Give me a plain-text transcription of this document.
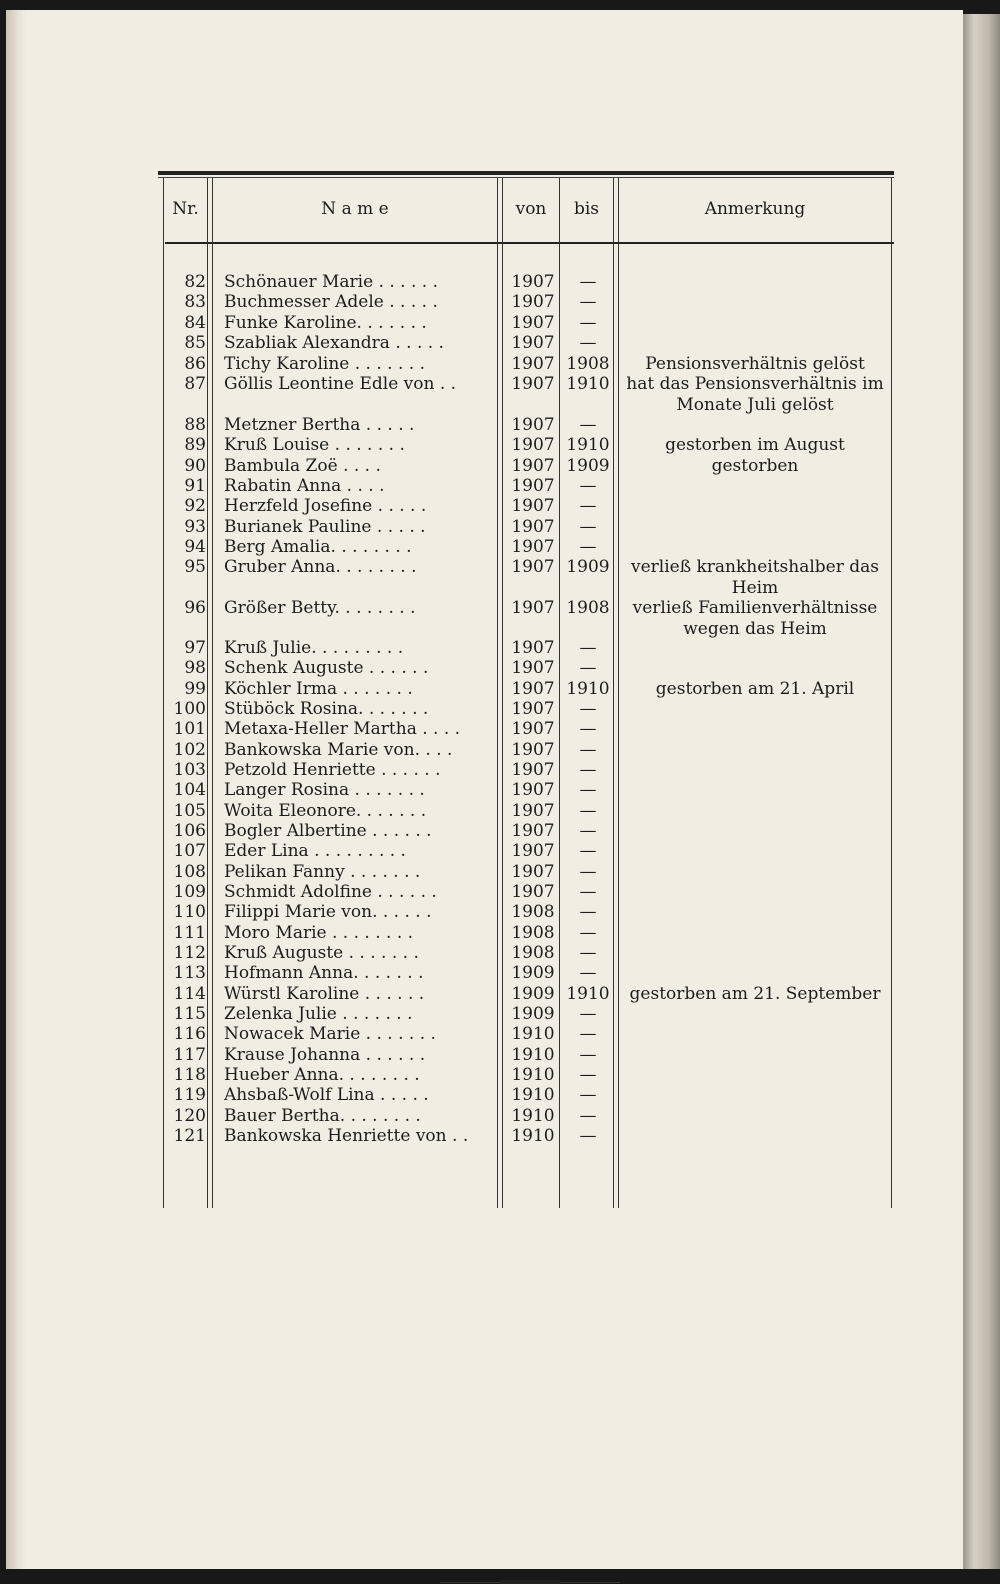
Nr.	N a m e	von	bis	Anmerkung
82 Schönauer Marie . . . . . .	1907	—
83 Buchmesser Adele . . . . .	1907	—
84 Funke Karoline. . . . . . .	1907	—
85 Szabliak Alexandra . . . . .	1907	—
86 Tichy Karoline . . . . . . .	1907 1908	Pensionsverhältnis gelöst
87 Göllis Leontine Edle von . .	1907 1910 hat das Pensionsverhältnis im Monate Juli gelöst
88 Metzner Bertha . . . . .	1907	—
89 Kruß Louise . . . . . . .	1907 1910	gestorben im August
90 Bambula Zoë . . . .	1907 1909	gestorben
91 Rabatin Anna . . . .	1907	—
92 Herzfeld Josefine . . . . .	1907	—
93 Burianek Pauline . . . . .	1907	—
94 Berg Amalia. . . . . . . .	1907	—
95 Gruber Anna. . . . . . . .	1907 1909	verließ krankheitshalber das Heim
96 Größer Betty. . . . . . . .	1907 1908	verließ Familienverhältnisse wegen das Heim
97 Kruß Julie. . . . . . . . .	1907	—
98 Schenk Auguste . . . . . .	1907	—
99 Köchler Irma . . . . . . .	1907 1910	gestorben am 21. April
100 Stüböck Rosina. . . . . . .	1907	—
101 Metaxa-Heller Martha . . . .	1907	—
102 Bankowska Marie von. . . .	1907	—
103 Petzold Henriette . . . . . .	1907	—
104 Langer Rosina . . . . . . .	1907	—
105 Woita Eleonore. . . . . . .	1907	—
106 Bogler Albertine . . . . . .	1907	—
107 Eder Lina . . . . . . . . .	1907	—
108 Pelikan Fanny . . . . . . .	1907	—
109 Schmidt Adolfine . . . . . .	1907	—
110 Filippi Marie von. . . . . .	1908	—
111 Moro Marie . . . . . . . .	1908	—
112 Kruß Auguste . . . . . . .	1908	—
113 Hofmann Anna. . . . . . .	1909	—
114 Würstl Karoline . . . . . .	1909 1910	gestorben am 21. September
115 Zelenka Julie . . . . . . .	1909	—
116 Nowacek Marie . . . . . . .	1910	—
117 Krause Johanna . . . . . .	1910	—
118 Hueber Anna. . . . . . . .	1910	—
119 Ahsbaß-Wolf Lina . . . . .	1910	—
120 Bauer Bertha. . . . . . . .	1910	—
121 Bankowska Henriette von . .	1910	—
